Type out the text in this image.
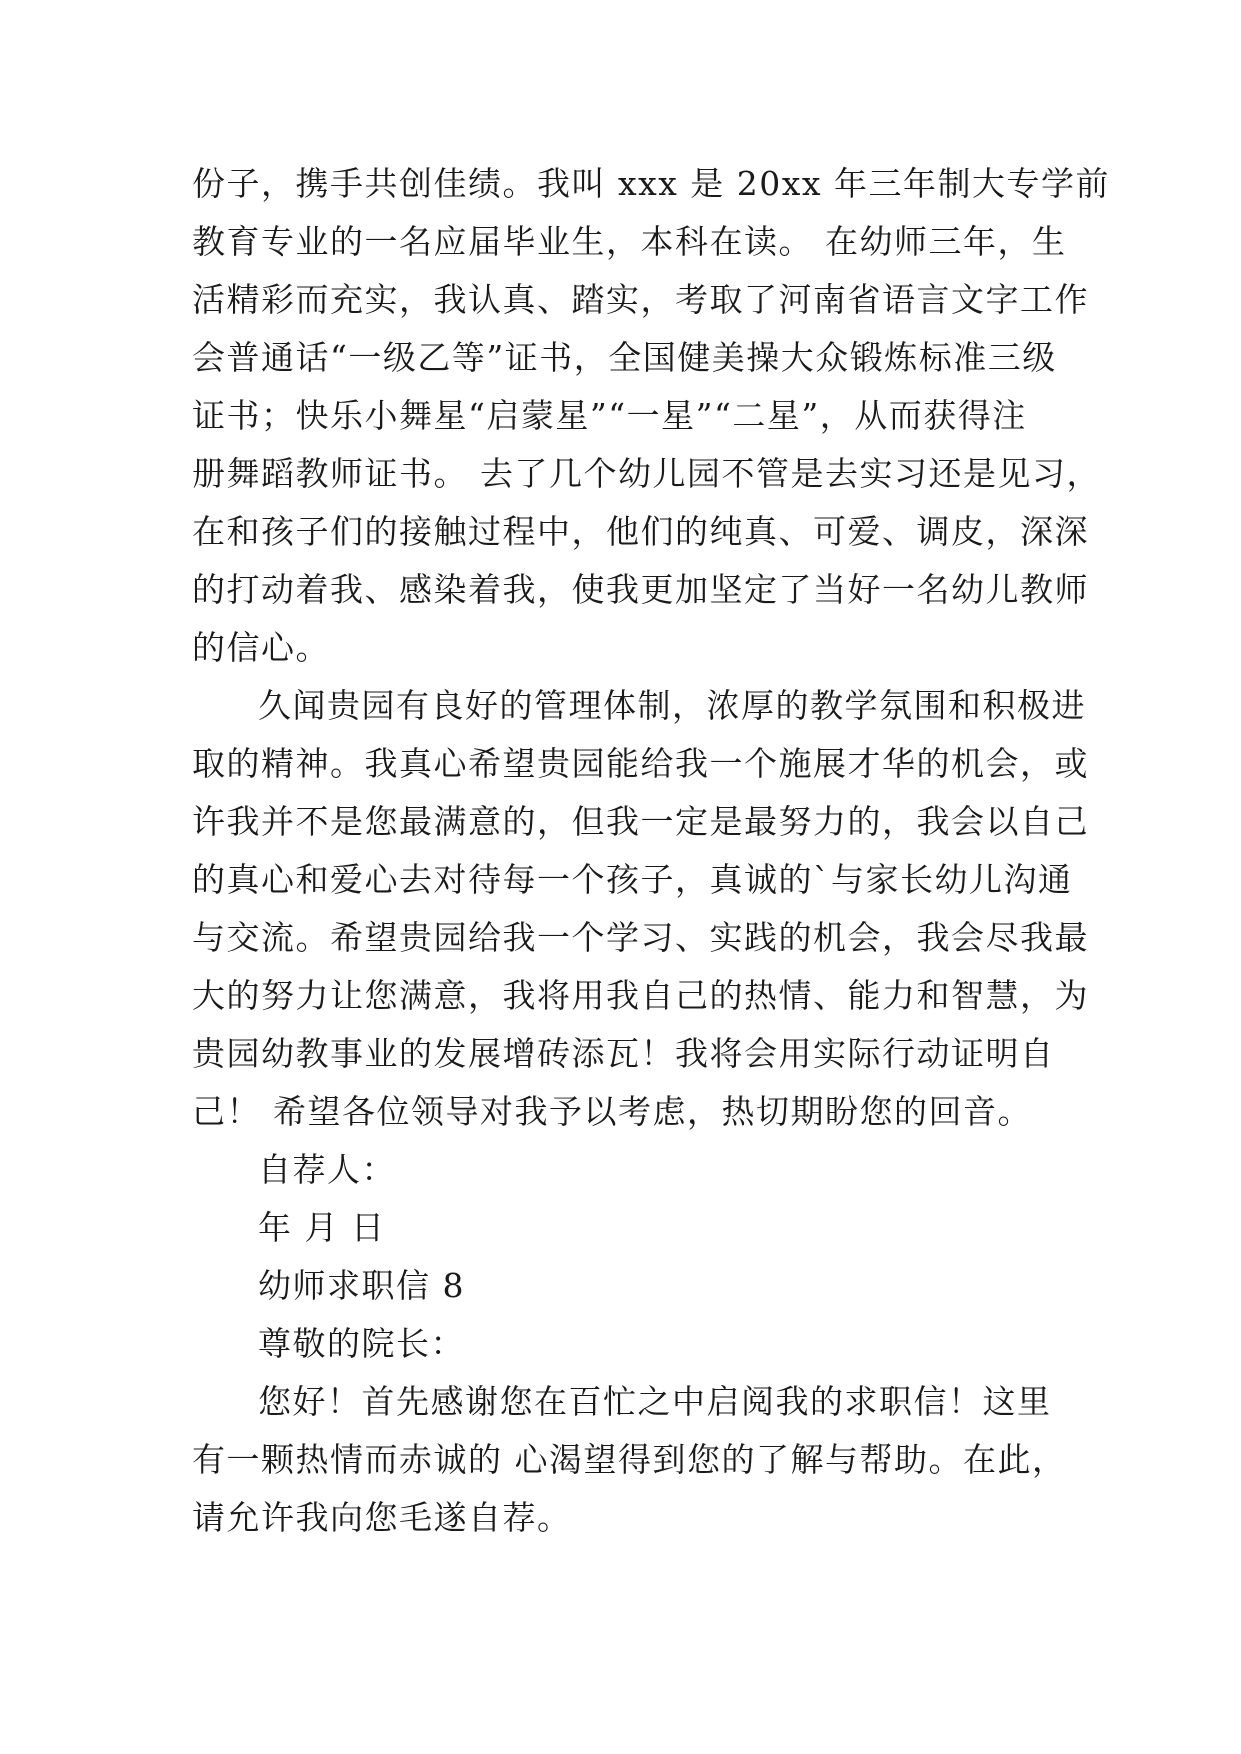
份子，携手共创佳绩。我叫 xxx 是 20xx 年三年制大专学前
教育专业的一名应届毕业生，本科在读。 在幼师三年，生
活精彩而充实，我认真、踏实，考取了河南省语言文字工作
会普通话“一级乙等”证书，全国健美操大众锻炼标准三级
证书；快乐小舞星“启蒙星”“一星”“二星”，从而获得注
册舞蹈教师证书。 去了几个幼儿园不管是去实习还是见习，
在和孩子们的接触过程中，他们的纯真、可爱、调皮，深深
的打动着我、感染着我，使我更加坚定了当好一名幼儿教师
的信心。
久闻贵园有良好的管理体制，浓厚的教学氛围和积极进
取的精神。我真心希望贵园能给我一个施展才华的机会，或
许我并不是您最满意的，但我一定是最努力的，我会以自己
的真心和爱心去对待每一个孩子，真诚的`与家长幼儿沟通
与交流。希望贵园给我一个学习、实践的机会，我会尽我最
大的努力让您满意，我将用我自己的热情、能力和智慧，为
贵园幼教事业的发展增砖添瓦！我将会用实际行动证明自
己！ 希望各位领导对我予以考虑，热切期盼您的回音。
自荐人：
年 月 日
幼师求职信 8
尊敬的院长：
您好！首先感谢您在百忙之中启阅我的求职信！这里
有一颗热情而赤诚的 心渴望得到您的了解与帮助。在此，
请允许我向您毛遂自荐。
